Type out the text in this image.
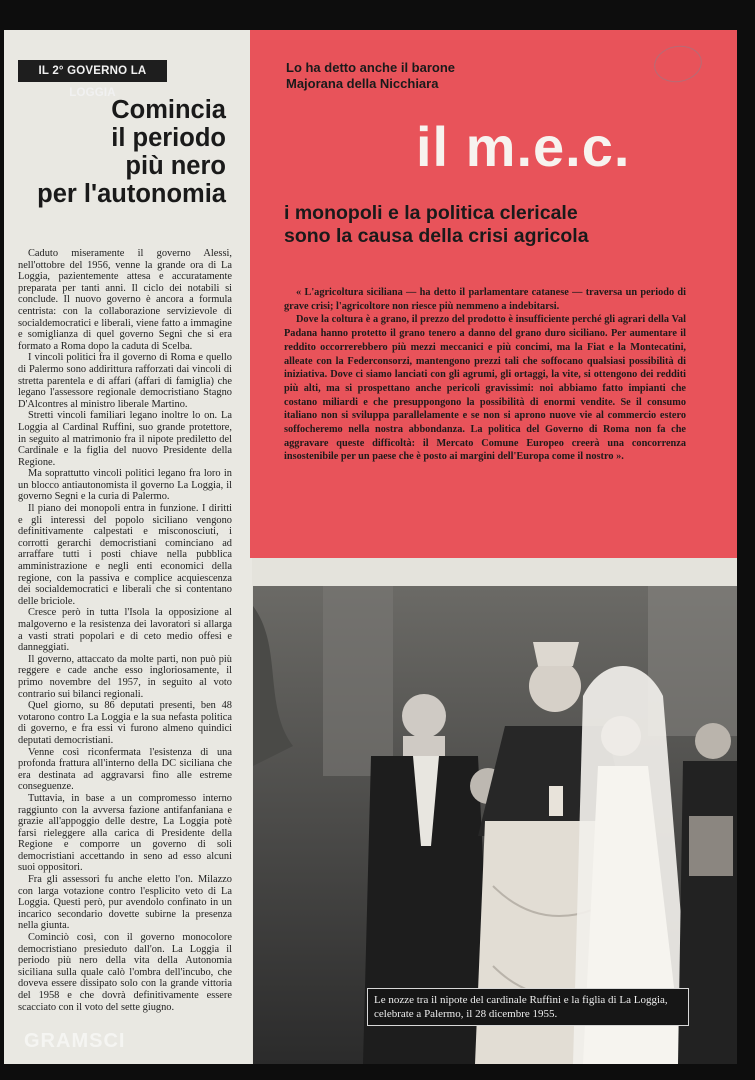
IL 2° GOVERNO LA LOGGIA
Comincia
il periodo
più nero
per l'autonomia

Caduto miseramente il governo Alessi, nell'ottobre del 1956, venne la grande ora di La Loggia, pazientemente attesa e accuratamente preparata per tanti anni. Il ciclo dei notabili si conclude. Il nuovo governo è ancora a formula centrista: con la collaborazione servizievole di socialdemocratici e liberali, viene fatto a immagine e somiglianza di quel governo Segni che si era formato a Roma dopo la caduta di Scelba.

I vincoli politici fra il governo di Roma e quello di Palermo sono addirittura rafforzati dai vincoli di stretta parentela e di affari (affari di famiglia) che legano l'assessore regionale democristiano Stagno D'Alcontres al ministro liberale Martino.

Stretti vincoli familiari legano inoltre lo on. La Loggia al Cardinal Ruffini, suo grande protettore, in seguito al matrimonio fra il nipote prediletto del Cardinale e la figlia del nuovo Presidente della Regione.

Ma soprattutto vincoli politici legano fra loro in un blocco antiautonomista il governo La Loggia, il governo Segni e la curia di Palermo.

Il piano dei monopoli entra in funzione. I diritti e gli interessi del popolo siciliano vengono definitivamente calpestati e misconosciuti, i corrotti gerarchi democristiani cominciano ad arraffare tutti i posti chiave nella pubblica amministrazione e negli enti economici della regione, con la passiva e complice acquiescenza dei socialdemocratici e liberali che si contentano delle briciole.

Cresce però in tutta l'Isola la opposizione al malgoverno e la resistenza dei lavoratori si allarga a vasti strati popolari e di ceto medio offesi e danneggiati.

Il governo, attaccato da molte parti, non può più reggere e cade anche esso ingloriosamente, il primo novembre del 1957, in seguito al voto contrario sui bilanci regionali.

Quel giorno, su 86 deputati presenti, ben 48 votarono contro La Loggia e la sua nefasta politica di governo, e fra essi vi furono almeno quindici deputati democristiani.

Venne così riconfermata l'esistenza di una profonda frattura all'interno della DC siciliana che era destinata ad aggravarsi fino alle estreme conseguenze.

Tuttavia, in base a un compromesso interno raggiunto con la avversa fazione antifanfaniana e grazie all'appoggio delle destre, La Loggia potè farsi rieleggere alla carica di Presidente della Regione e comporre un governo di soli democristiani accettando in seno ad esso alcuni suoi oppositori.

Fra gli assessori fu anche eletto l'on. Milazzo con larga votazione contro l'esplicito veto di La Loggia. Questi però, pur avendolo confinato in un incarico secondario dovette subirne la presenza nella giunta.

Cominciò così, con il governo monocolore democristiano presieduto dall'on. La Loggia il periodo più nero della vita della Autonomia siciliana sulla quale calò l'ombra dell'incubo, che doveva essere dissipato solo con la grande vittoria del 1958 e che dovrà definitivamente essere scacciato con il voto del sette giugno.

Lo ha detto anche il barone
Majorana della Nicchiara
il m.e.c.
i monopoli e la politica clericale
sono la causa della crisi agricola

« L'agricoltura siciliana — ha detto il parlamentare catanese — traversa un periodo di grave crisi; l'agricoltore non riesce più nemmeno a indebitarsi.

Dove la coltura è a grano, il prezzo del prodotto è insufficiente perché gli agrari della Val Padana hanno protetto il grano tenero a danno del grano duro siciliano. Per aumentare il reddito occorrerebbero più mezzi meccanici e più concimi, ma la Fiat e la Montecatini, alleate con la Federconsorzi, mantengono prezzi tali che soffocano qualsiasi possibilità di iniziativa. Dove ci siamo lanciati con gli agrumi, gli ortaggi, la vite, si ottengono dei redditi più alti, ma si prospettano anche pericoli gravissimi: noi abbiamo fatto impianti che costano miliardi e che presuppongono la possibilità di enormi vendite. Se il consumo italiano non si sviluppa parallelamente e se non si aprono nuove vie al commercio estero soffocheremo nella nostra abbondanza. La politica del Governo di Roma non fa che aggravare queste difficoltà: il Mercato Comune Europeo creerà una concorrenza insostenibile per un paese che è posto ai margini dell'Europa come il nostro ».

Le nozze tra il nipote del cardinale Ruffini e la figlia di La Loggia, celebrate a Palermo, il 28 dicembre 1955.
GRAMSCI
